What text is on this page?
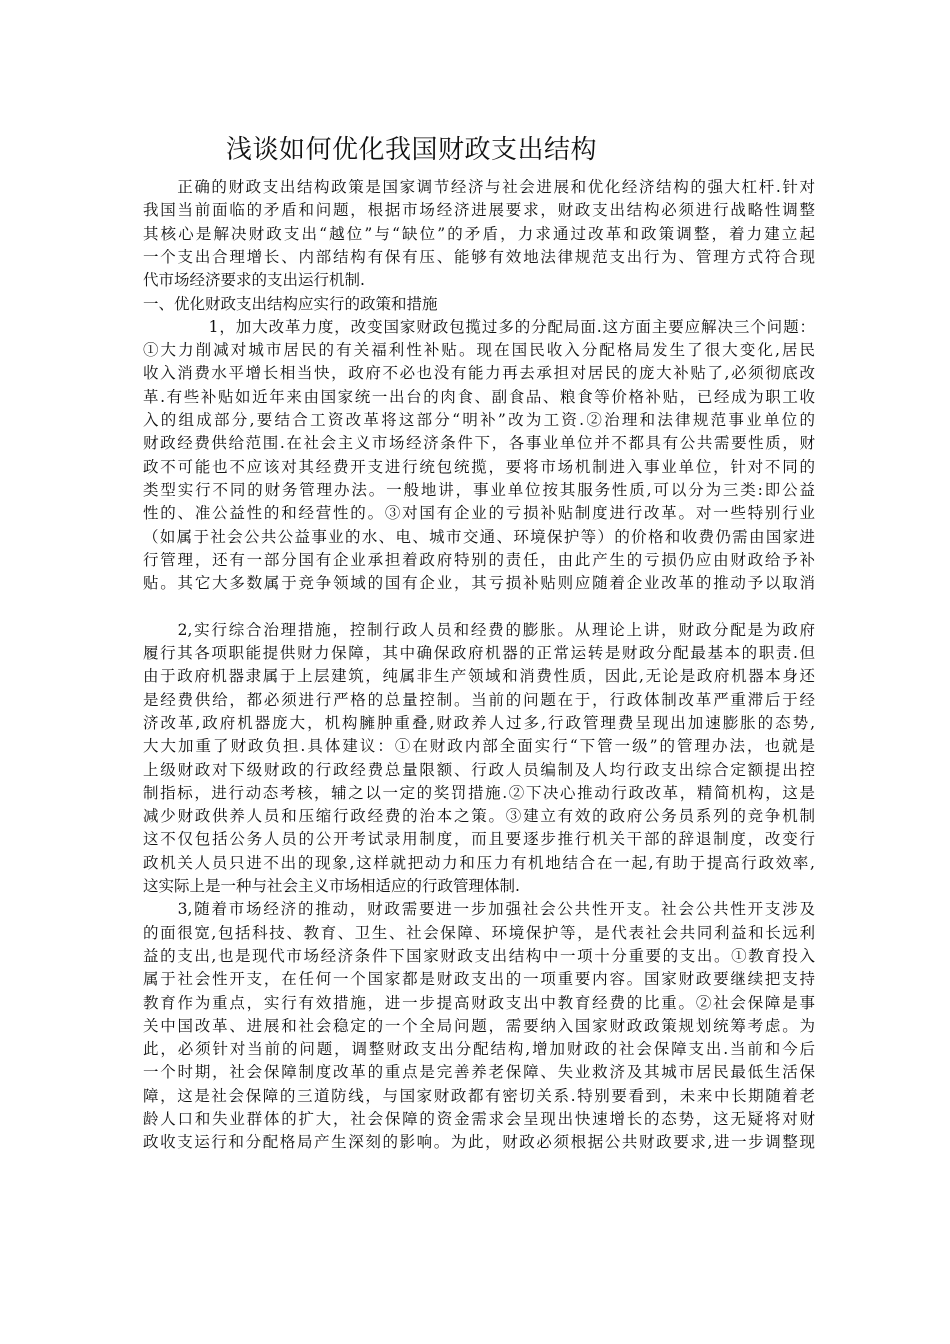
浅谈如何优化我国财政支出结构
　　正确的财政支出结构政策是国家调节经济与社会进展和优化经济结构的强大杠杆.针对
我国当前面临的矛盾和问题，根据市场经济进展要求，财政支出结构必须进行战略性调整
其核心是解决财政支出“越位”与“缺位”的矛盾，力求通过改革和政策调整，着力建立起
一个支出合理增长、内部结构有保有压、能够有效地法律规范支出行为、管理方式符合现
代市场经济要求的支出运行机制.
一、优化财政支出结构应实行的政策和措施
　　　　1，加大改革力度，改变国家财政包揽过多的分配局面.这方面主要应解决三个问题：
①大力削减对城市居民的有关福利性补贴。现在国民收入分配格局发生了很大变化,居民
收入消费水平增长相当快，政府不必也没有能力再去承担对居民的庞大补贴了,必须彻底改
革.有些补贴如近年来由国家统一出台的肉食、副食品、粮食等价格补贴，已经成为职工收
入的组成部分,要结合工资改革将这部分“明补”改为工资.②治理和法律规范事业单位的
财政经费供给范围.在社会主义市场经济条件下，各事业单位并不都具有公共需要性质，财
政不可能也不应该对其经费开支进行统包统揽，要将市场机制进入事业单位，针对不同的
类型实行不同的财务管理办法。一般地讲，事业单位按其服务性质,可以分为三类:即公益
性的、准公益性的和经营性的。③对国有企业的亏损补贴制度进行改革。对一些特别行业
（如属于社会公共公益事业的水、电、城市交通、环境保护等）的价格和收费仍需由国家进
行管理，还有一部分国有企业承担着政府特别的责任，由此产生的亏损仍应由财政给予补
贴。其它大多数属于竞争领域的国有企业，其亏损补贴则应随着企业改革的推动予以取消
　　2,实行综合治理措施，控制行政人员和经费的膨胀。从理论上讲，财政分配是为政府
履行其各项职能提供财力保障，其中确保政府机器的正常运转是财政分配最基本的职责.但
由于政府机器隶属于上层建筑，纯属非生产领域和消费性质，因此,无论是政府机器本身还
是经费供给，都必须进行严格的总量控制。当前的问题在于，行政体制改革严重滞后于经
济改革,政府机器庞大，机构臃肿重叠,财政养人过多,行政管理费呈现出加速膨胀的态势,
大大加重了财政负担.具体建议：①在财政内部全面实行“下管一级”的管理办法，也就是
上级财政对下级财政的行政经费总量限额、行政人员编制及人均行政支出综合定额提出控
制指标，进行动态考核，辅之以一定的奖罚措施.②下决心推动行政改革，精简机构，这是
减少财政供养人员和压缩行政经费的治本之策。③建立有效的政府公务员系列的竞争机制
这不仅包括公务人员的公开考试录用制度，而且要逐步推行机关干部的辞退制度，改变行
政机关人员只进不出的现象,这样就把动力和压力有机地结合在一起,有助于提高行政效率,
这实际上是一种与社会主义市场相适应的行政管理体制.
　　3,随着市场经济的推动，财政需要进一步加强社会公共性开支。社会公共性开支涉及
的面很宽,包括科技、教育、卫生、社会保障、环境保护等，是代表社会共同利益和长远利
益的支出,也是现代市场经济条件下国家财政支出结构中一项十分重要的支出。①教育投入
属于社会性开支，在任何一个国家都是财政支出的一项重要内容。国家财政要继续把支持
教育作为重点，实行有效措施，进一步提高财政支出中教育经费的比重。②社会保障是事
关中国改革、进展和社会稳定的一个全局问题，需要纳入国家财政政策规划统筹考虑。为
此，必须针对当前的问题，调整财政支出分配结构,增加财政的社会保障支出.当前和今后
一个时期，社会保障制度改革的重点是完善养老保障、失业救济及其城市居民最低生活保
障，这是社会保障的三道防线，与国家财政都有密切关系.特别要看到，未来中长期随着老
龄人口和失业群体的扩大，社会保障的资金需求会呈现出快速增长的态势，这无疑将对财
政收支运行和分配格局产生深刻的影响。为此，财政必须根据公共财政要求,进一步调整现
